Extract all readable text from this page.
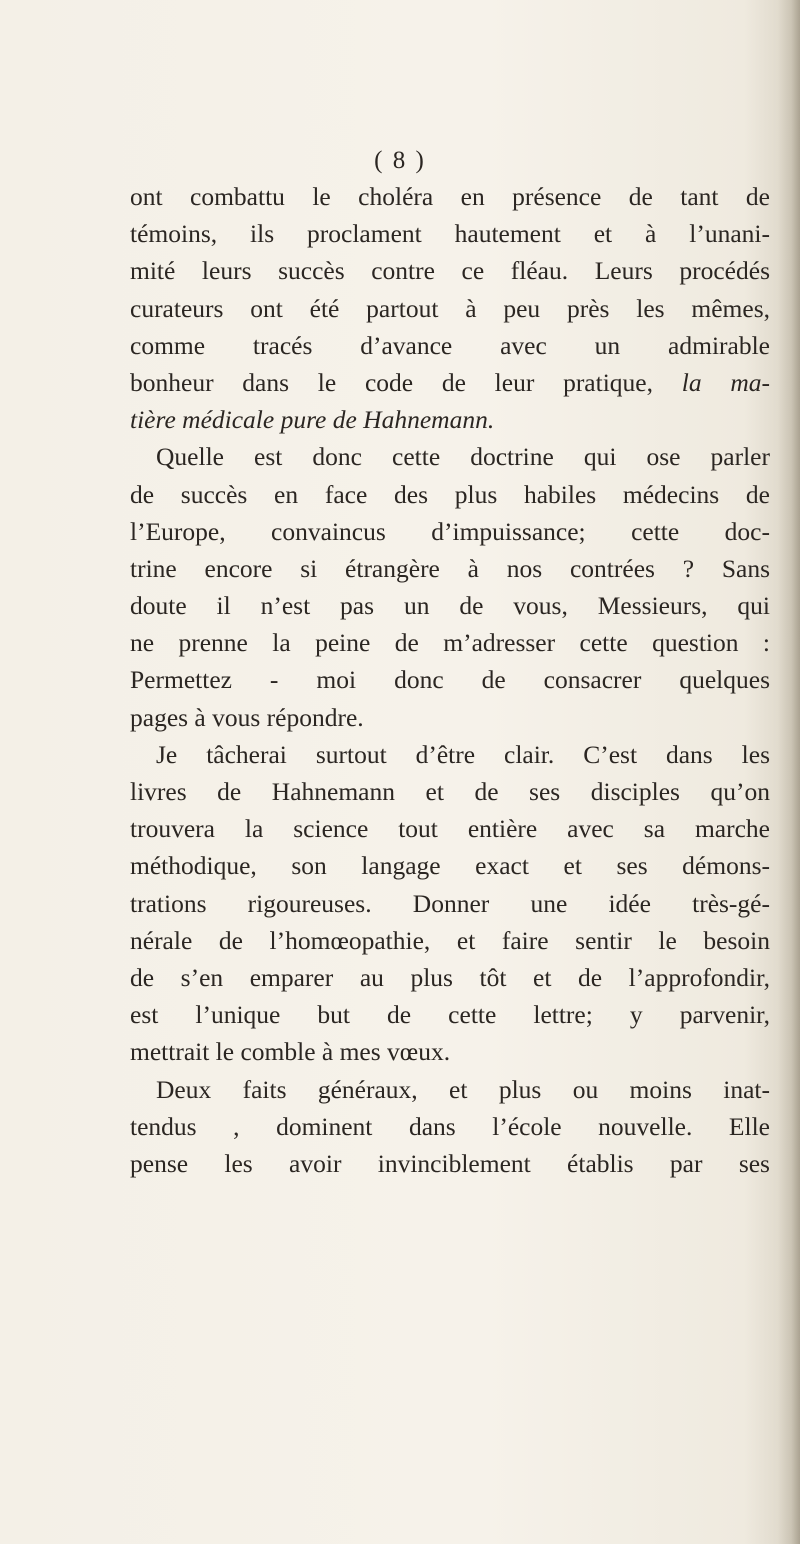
( 8 )
ont combattu le choléra en présence de tant de
témoins, ils proclament hautement et à l’unani-
mité leurs succès contre ce fléau. Leurs procédés
curateurs ont été partout à peu près les mêmes,
comme tracés d’avance avec un admirable
bonheur dans le code de leur pratique, la ma-
tière médicale pure de Hahnemann.
Quelle est donc cette doctrine qui ose parler
de succès en face des plus habiles médecins de
l’Europe, convaincus d’impuissance; cette doc-
trine encore si étrangère à nos contrées ? Sans
doute il n’est pas un de vous, Messieurs, qui
ne prenne la peine de m’adresser cette question :
Permettez - moi donc de consacrer quelques
pages à vous répondre.
Je tâcherai surtout d’être clair. C’est dans les
livres de Hahnemann et de ses disciples qu’on
trouvera la science tout entière avec sa marche
méthodique, son langage exact et ses démons-
trations rigoureuses. Donner une idée très-gé-
nérale de l’homœopathie, et faire sentir le besoin
de s’en emparer au plus tôt et de l’approfondir,
est l’unique but de cette lettre; y parvenir,
mettrait le comble à mes vœux.
Deux faits généraux, et plus ou moins inat-
tendus , dominent dans l’école nouvelle. Elle
pense les avoir invinciblement établis par ses
